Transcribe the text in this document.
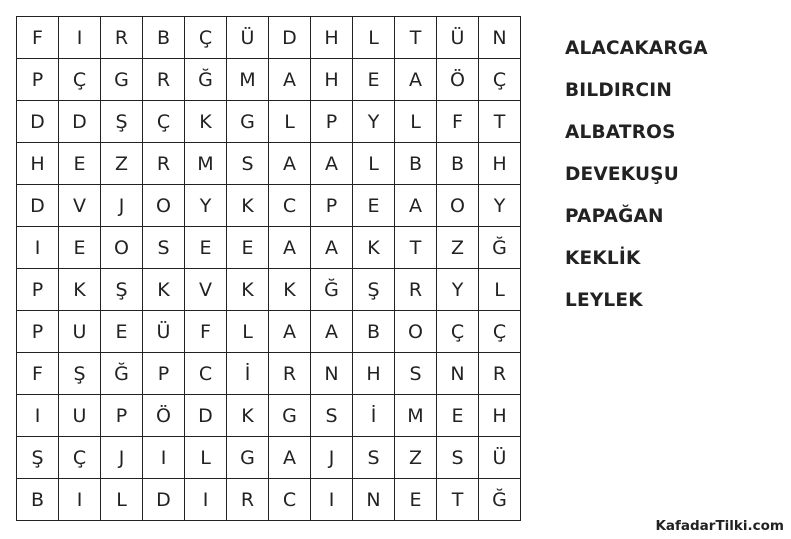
F	I	R	B	Ç	Ü	D	H	L	T	Ü	N
P	Ç	G	R	Ğ	M	A	H	E	A	Ö	Ç
D	D	Ş	Ç	K	G	L	P	Y	L	F	T
H	E	Z	R	M	S	A	A	L	B	B	H
D	V	J	O	Y	K	C	P	E	A	O	Y
I	E	O	S	E	E	A	A	K	T	Z	Ğ
P	K	Ş	K	V	K	K	Ğ	Ş	R	Y	L
P	U	E	Ü	F	L	A	A	B	O	Ç	Ç
F	Ş	Ğ	P	C	İ	R	N	H	S	N	R
I	U	P	Ö	D	K	G	S	İ	M	E	H
Ş	Ç	J	I	L	G	A	J	S	Z	S	Ü
B	I	L	D	I	R	C	I	N	E	T	Ğ
ALACAKARGA
BILDIRCIN
ALBATROS
DEVEKUŞU
PAPAĞAN
KEKLİK
LEYLEK
KafadarTilki.com
